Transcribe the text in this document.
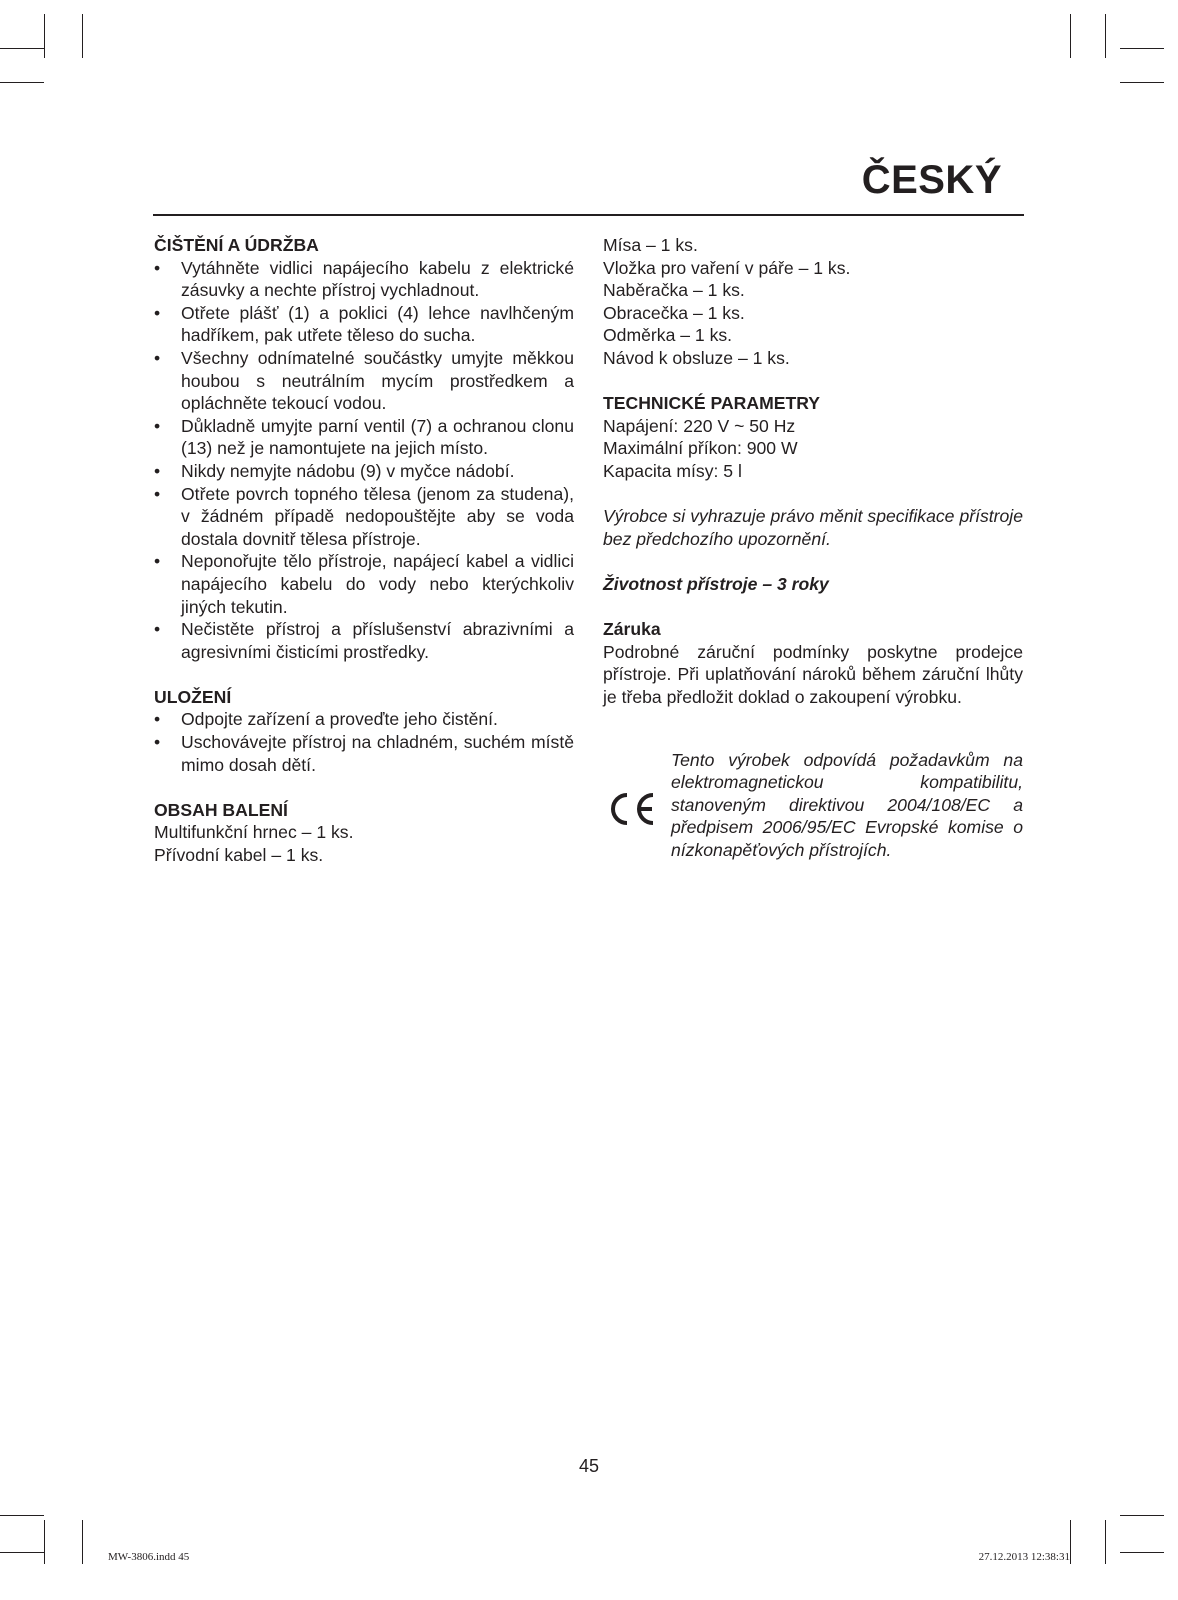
ČESKÝ

ČIŠTĚNÍ A ÚDRŽBA

• Vytáhněte vidlici napájecího kabelu z elektrické zásuvky a nechte přístroj vychladnout.
• Otřete plášť (1) a poklici (4) lehce navlhčeným hadříkem, pak utřete těleso do sucha.
• Všechny odnímatelné součástky umyjte měkkou houbou s neutrálním mycím prostředkem a opláchněte tekoucí vodou.
• Důkladně umyjte parní ventil (7) a ochranou clonu (13) než je namontujete na jejich místo.
• Nikdy nemyjte nádobu (9) v myčce nádobí.
• Otřete povrch topného tělesa (jenom za studena), v žádném případě nedopouštějte aby se voda dostala dovnitř tělesa přístroje.
• Neponořujte tělo přístroje, napájecí kabel a vidlici napájecího kabelu do vody nebo kterýchkoliv jiných tekutin.
• Nečistěte přístroj a příslušenství abrazivními a agresivními čisticími prostředky.

ULOŽENÍ

• Odpojte zařízení a proveďte jeho čistění.
• Uschovávejte přístroj na chladném, suchém místě mimo dosah dětí.

OBSAH BALENÍ

Multifunkční hrnec – 1 ks.

Přívodní kabel – 1 ks.

Mísa – 1 ks.

Vložka pro vaření v páře – 1 ks.

Naběračka – 1 ks.

Obracečka – 1 ks.

Odměrka – 1 ks.

Návod k obsluze – 1 ks.

TECHNICKÉ PARAMETRY

Napájení: 220 V ~ 50 Hz

Maximální příkon: 900 W

Kapacita mísy: 5 l

Výrobce si vyhrazuje právo měnit specifikace přístroje bez předchozího upozornění.

Životnost přístroje – 3 roky

Záruka

Podrobné záruční podmínky poskytne prodejce přístroje. Při uplatňování nároků během záruční lhůty je třeba předložit doklad o zakoupení výrobku.

Tento výrobek odpovídá požadavkům na elektromagnetickou kompatibilitu, stanoveným direktivou 2004/108/EC a předpisem 2006/95/EC Evropské komise o nízkonapěťových přístrojích.

45
MW-3806.indd 45	27.12.2013 12:38:31
